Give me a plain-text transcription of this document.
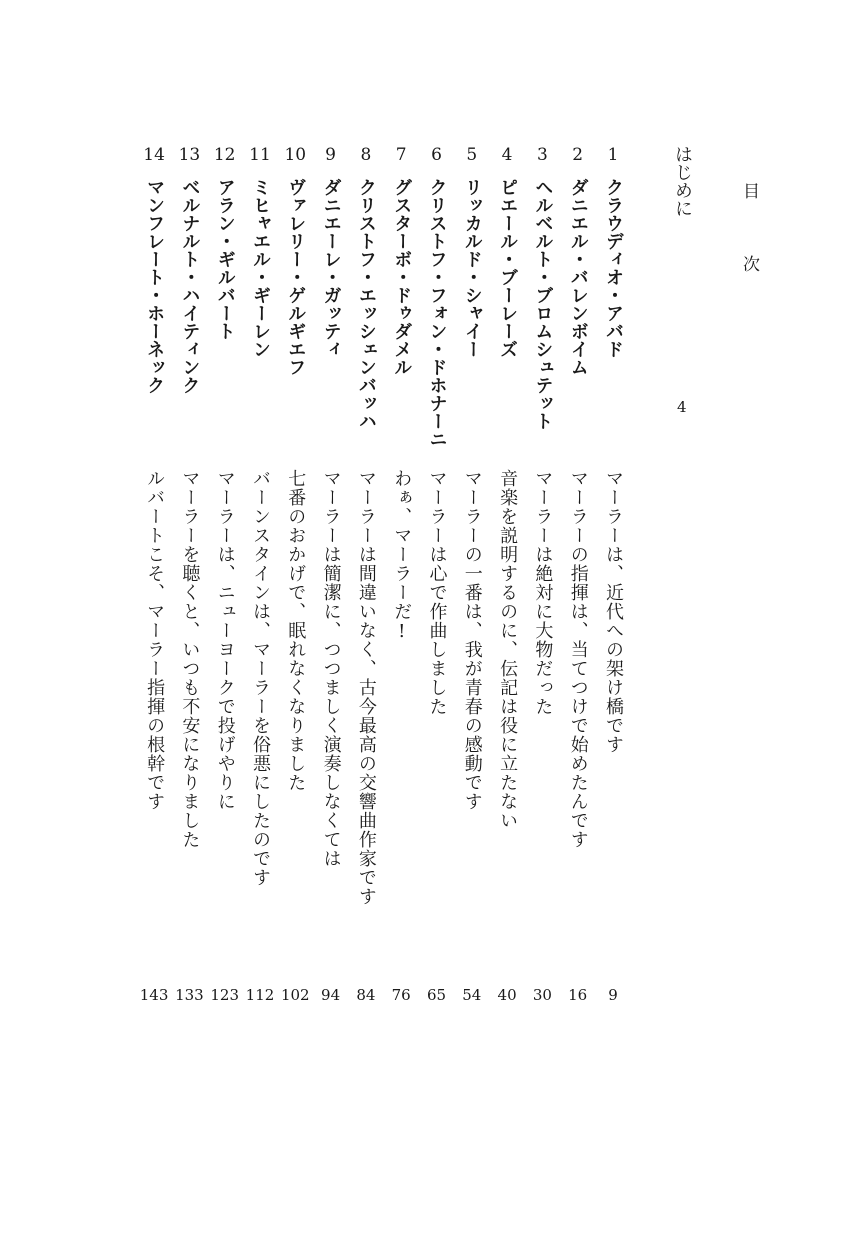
目 次
はじめに
4
1
クラウディオ・アバド
マーラーは、近代への架け橋です
9
2
ダニエル・バレンボイム
マーラーの指揮は、当てつけで始めたんです
16
3
ヘルベルト・ブロムシュテット
マーラーは絶対に大物だった
30
4
ピエール・ブーレーズ
音楽を説明するのに、伝記は役に立たない
40
5
リッカルド・シャイー
マーラーの一番は、我が青春の感動です
54
6
クリストフ・フォン・ドホナーニ
マーラーは心で作曲しました
65
7
グスターボ・ドゥダメル
わぁ、マーラーだ!
76
8
クリストフ・エッシェンバッハ
マーラーは間違いなく、古今最高の交響曲作家です
84
9
ダニエーレ・ガッティ
マーラーは簡潔に、つつましく演奏しなくては
94
10
ヴァレリー・ゲルギエフ
七番のおかげで、眠れなくなりました
102
11
ミヒャエル・ギーレン
バーンスタインは、マーラーを俗悪にしたのです
112
12
アラン・ギルバート
マーラーは、ニューヨークで投げやりに
123
13
ベルナルト・ハイティンク
マーラーを聴くと、いつも不安になりました
133
14
マンフレート・ホーネック
ルバートこそ、マーラー指揮の根幹です
143
